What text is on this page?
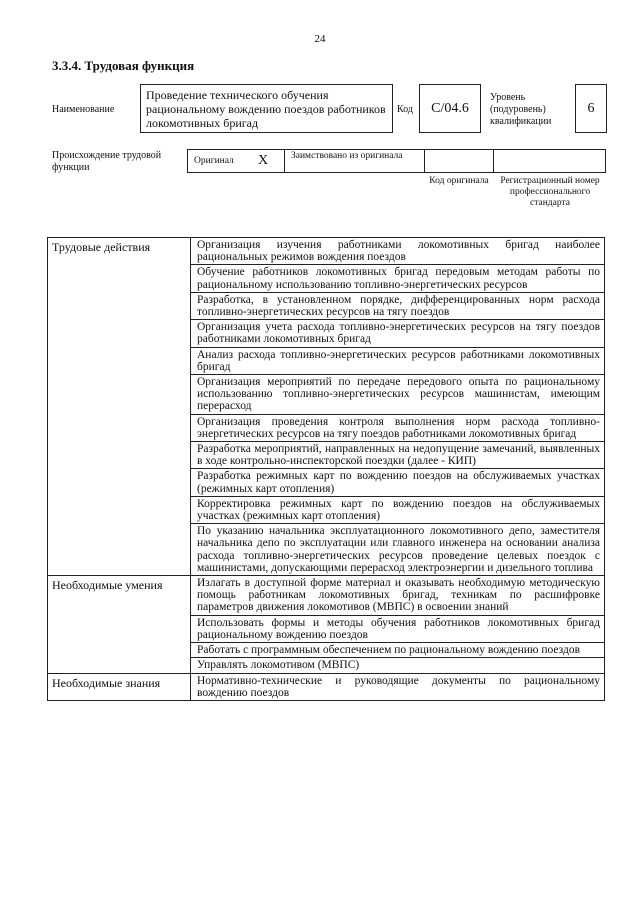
24
3.3.4. Трудовая функция
Наименование
Проведение технического обучения рациональному вождению поездов работников локомотивных бригад
Код	С/04.6
Уровень (подуровень) квалификации
6
Происхождение трудовой функции
Оригинал X Заимствовано из оригинала
Код оригинала	Регистрационный номер профессионального стандарта
Трудовые действия	Организация изучения работниками локомотивных бригад наиболее рациональных режимов вождения поездов
	Обучение работников локомотивных бригад передовым методам работы по рациональному использованию топливно-энергетических ресурсов
	Разработка, в установленном порядке, дифференцированных норм расхода топливно-энергетических ресурсов на тягу поездов
	Организация учета расхода топливно-энергетических ресурсов на тягу поездов работниками локомотивных бригад
	Анализ расхода топливно-энергетических ресурсов работниками локомотивных бригад
	Организация мероприятий по передаче передового опыта по рациональному использованию топливно-энергетических ресурсов машинистам, имеющим перерасход
	Организация проведения контроля выполнения норм расхода топливно-энергетических ресурсов на тягу поездов работниками локомотивных бригад
	Разработка мероприятий, направленных на недопущение замечаний, выявленных в ходе контрольно-инспекторской поездки (далее - КИП)
	Разработка режимных карт по вождению поездов на обслуживаемых участках (режимных карт отопления)
	Корректировка режимных карт по вождению поездов на обслуживаемых участках (режимных карт отопления)
	По указанию начальника эксплуатационного локомотивного депо, заместителя начальника депо по эксплуатации или главного инженера на основании анализа расхода топливно-энергетических ресурсов проведение целевых поездок с машинистами, допускающими перерасход электроэнергии и дизельного топлива
Необходимые умения	Излагать в доступной форме материал и оказывать необходимую методическую помощь работникам локомотивных бригад, техникам по расшифровке параметров движения локомотивов (МВПС) в освоении знаний
	Использовать формы и методы обучения работников локомотивных бригад рациональному вождению поездов
	Работать с программным обеспечением по рациональному вождению поездов
	Управлять локомотивом (МВПС)
Необходимые знания	Нормативно-технические и руководящие документы по рациональному вождению поездов
